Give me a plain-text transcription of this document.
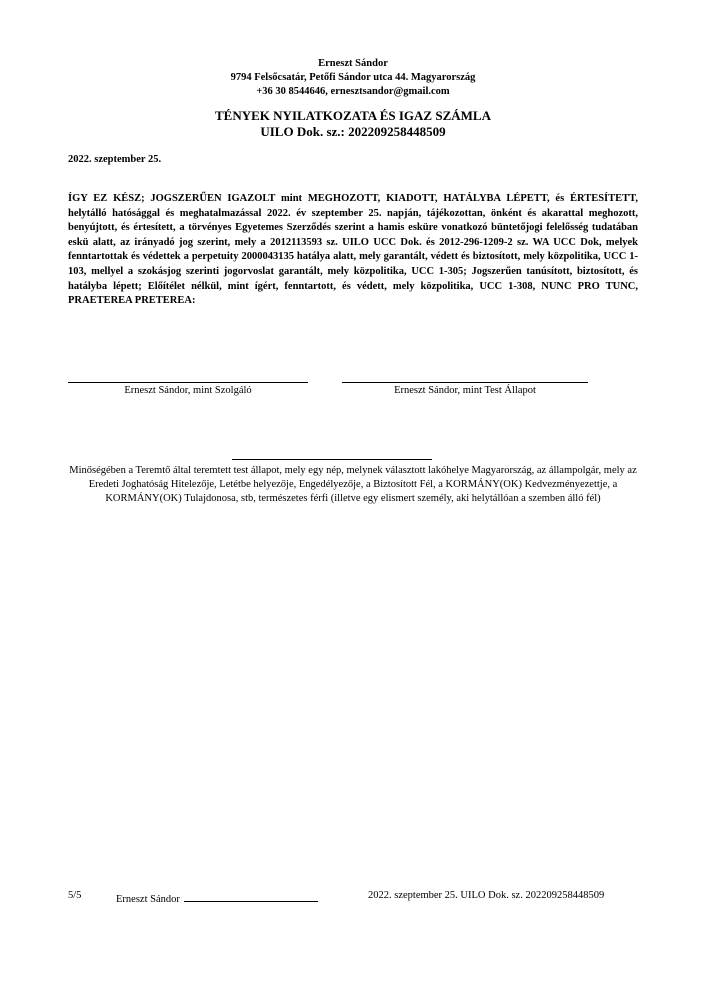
Erneszt Sándor
9794 Felsőcsatár, Petőfi Sándor utca 44. Magyarország
+36 30 8544646, ernesztsandor@gmail.com
TÉNYEK NYILATKOZATA ÉS IGAZ SZÁMLA
UILO Dok. sz.: 202209258448509
2022. szeptember 25.

ÍGY EZ KÉSZ; JOGSZERŰEN IGAZOLT mint MEGHOZOTT, KIADOTT, HATÁLYBA LÉPETT, és ÉRTESÍTETT, helytálló hatósággal és meghatalmazással 2022. év szeptember 25. napján, tájékozottan, önként és akarattal meghozott, benyújtott, és értesített, a törvényes Egyetemes Szerződés szerint a hamis esküre vonatkozó büntetőjogi felelősség tudatában eskü alatt, az irányadó jog szerint, mely a 2012113593 sz. UILO UCC Dok. és 2012-296-1209-2 sz. WA UCC Dok, melyek fenntartottak és védettek a perpetuity 2000043135 hatálya alatt, mely garantált, védett és biztosított, mely közpolitika, UCC 1-103, mellyel a szokásjog szerinti jogorvoslat garantált, mely közpolitika, UCC 1-305; Jogszerűen tanúsított, biztosított, és hatályba lépett; Előítélet nélkül, mint ígért, fenntartott, és védett, mely közpolitika, UCC 1-308, NUNC PRO TUNC, PRAETEREA PRETEREA:

Erneszt Sándor, mint Szolgáló	Erneszt Sándor, mint Test Állapot

Minőségében a Teremtő által teremtett test állapot, mely egy nép, melynek választott lakóhelye Magyarország, az állampolgár, mely az Eredeti Joghatóság Hitelezője, Letétbe helyezője, Engedélyezője, a Biztosított Fél, a KORMÁNY(OK) Kedvezményezettje, a KORMÁNY(OK) Tulajdonosa, stb, természetes férfi (illetve egy elismert személy, aki helytállóan a szemben álló fél)

5/5	Erneszt Sándor	2022. szeptember 25. UILO Dok. sz. 202209258448509
